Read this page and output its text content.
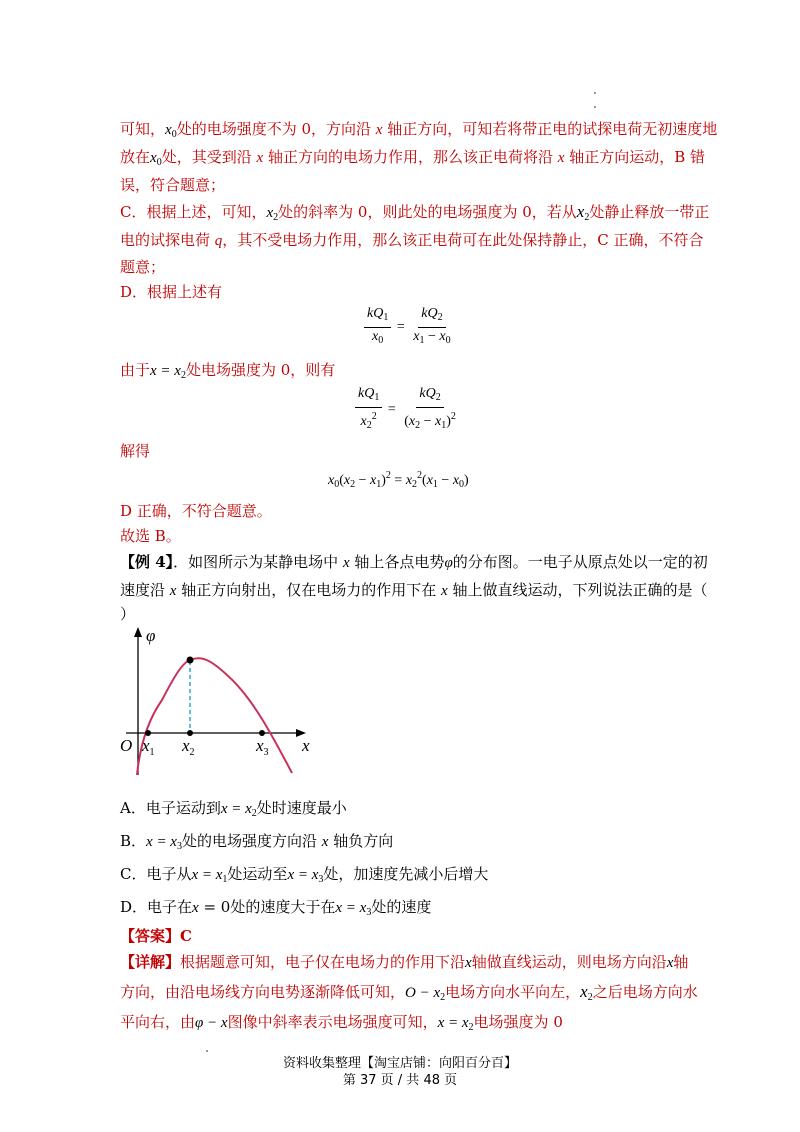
可知，$x_0$处的电场强度不为 0，方向沿 x 轴正方向，可知若将带正电的试探电荷无初速度地
放在$x_0$处，其受到沿 x 轴正方向的电场力作用，那么该正电荷将沿 x 轴正方向运动，B 错
误，符合题意；
C．根据上述，可知，$x_2$处的斜率为 0，则此处的电场强度为 0，若从$x_2$处静止释放一带正
电的试探电荷 q，其不受电场力作用，那么该正电荷可在此处保持静止，C 正确，不符合
题意；
D．根据上述有
$\frac{kQ_1}{x_0} = \frac{kQ_2}{x_1 - x_0}$
由于$x = x_2$处电场强度为 0，则有
$\frac{kQ_1}{x_2^2} = \frac{kQ_2}{(x_2 - x_1)^2}$
解得
$x_0(x_2 - x_1)^2 = x_2^2(x_1 - x_0)$
D 正确，不符合题意。
故选 B。
【例 4】．如图所示为某静电场中 x 轴上各点电势φ的分布图。一电子从原点处以一定的初
速度沿 x 轴正方向射出，仅在电场力的作用下在 x 轴上做直线运动，下列说法正确的是（
）
φ
x
O $x_1$ $x_2$	$x_3$
A．电子运动到$x = x_2$处时速度最小
B．$x = x_3$处的电场强度方向沿 x 轴负方向
C．电子从$x = x_1$处运动至$x = x_3$处，加速度先减小后增大
D．电子在x = 0处的速度大于在$x = x_3$处的速度
【答案】C
【详解】根据题意可知，电子仅在电场力的作用下沿x轴做直线运动，则电场方向沿x轴
方向，由沿电场线方向电势逐渐降低可知，$O - x_2$电场方向水平向左，$x_2$之后电场方向水
平向右，由φ − x图像中斜率表示电场强度可知，$x = x_2$电场强度为 0
资料收集整理【淘宝店铺：向阳百分百】
第 37 页 / 共 48 页
